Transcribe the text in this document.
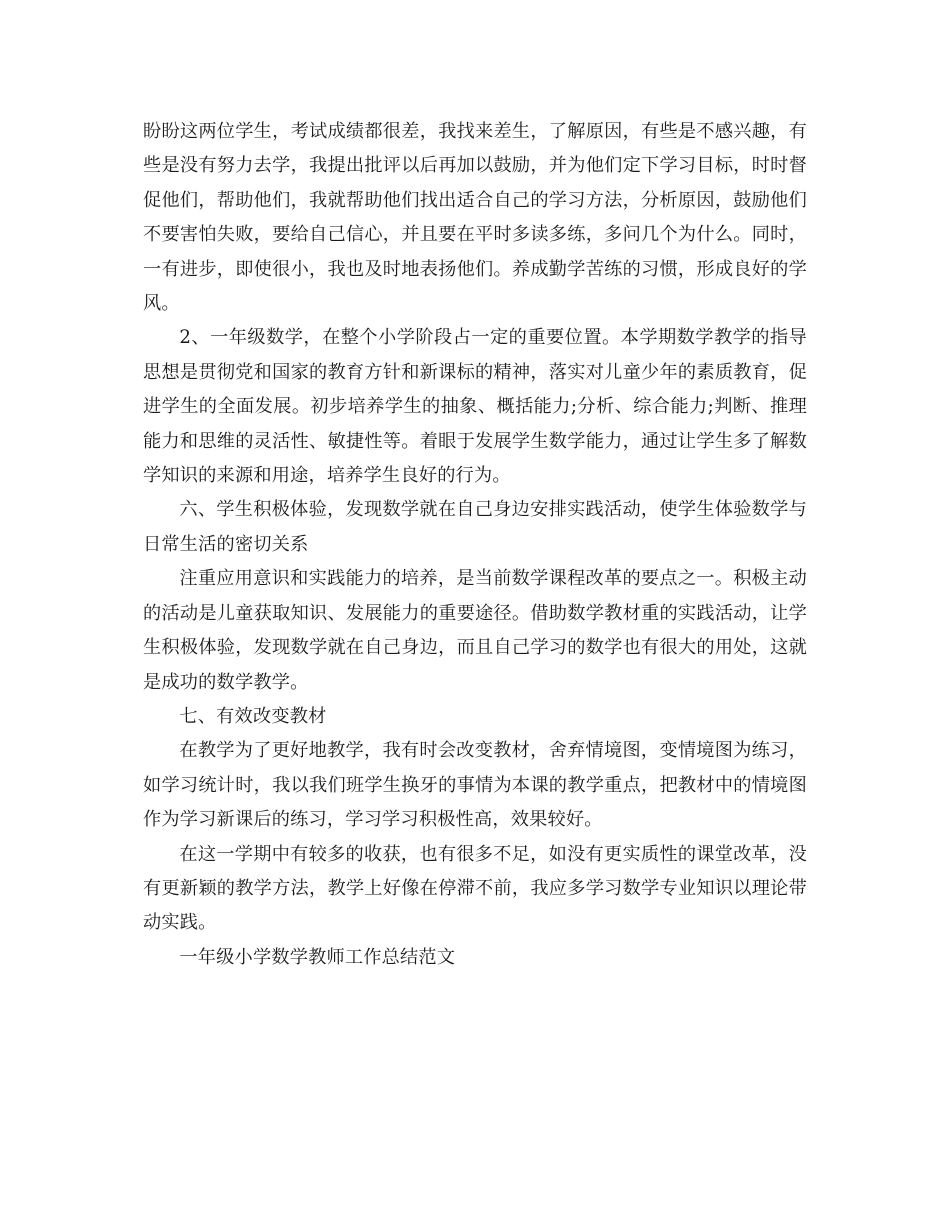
盼盼这两位学生，考试成绩都很差，我找来差生，了解原因，有些是不感兴趣，有些是没有努力去学，我提出批评以后再加以鼓励，并为他们定下学习目标，时时督促他们，帮助他们，我就帮助他们找出适合自己的学习方法，分析原因，鼓励他们不要害怕失败，要给自己信心，并且要在平时多读多练，多问几个为什么。同时，一有进步，即使很小，我也及时地表扬他们。养成勤学苦练的习惯，形成良好的学风。

2、一年级数学，在整个小学阶段占一定的重要位置。本学期数学教学的指导思想是贯彻党和国家的教育方针和新课标的精神，落实对儿童少年的素质教育，促进学生的全面发展。初步培养学生的抽象、概括能力;分析、综合能力;判断、推理能力和思维的灵活性、敏捷性等。着眼于发展学生数学能力，通过让学生多了解数学知识的来源和用途，培养学生良好的行为。

六、学生积极体验，发现数学就在自己身边安排实践活动，使学生体验数学与日常生活的密切关系

注重应用意识和实践能力的培养，是当前数学课程改革的要点之一。积极主动的活动是儿童获取知识、发展能力的重要途径。借助数学教材重的实践活动，让学生积极体验，发现数学就在自己身边，而且自己学习的数学也有很大的用处，这就是成功的数学教学。

七、有效改变教材

在教学为了更好地教学，我有时会改变教材，舍弃情境图，变情境图为练习，如学习统计时，我以我们班学生换牙的事情为本课的教学重点，把教材中的情境图作为学习新课后的练习，学习学习积极性高，效果较好。

在这一学期中有较多的收获，也有很多不足，如没有更实质性的课堂改革，没有更新颖的教学方法，教学上好像在停滞不前，我应多学习数学专业知识以理论带动实践。

一年级小学数学教师工作总结范文
